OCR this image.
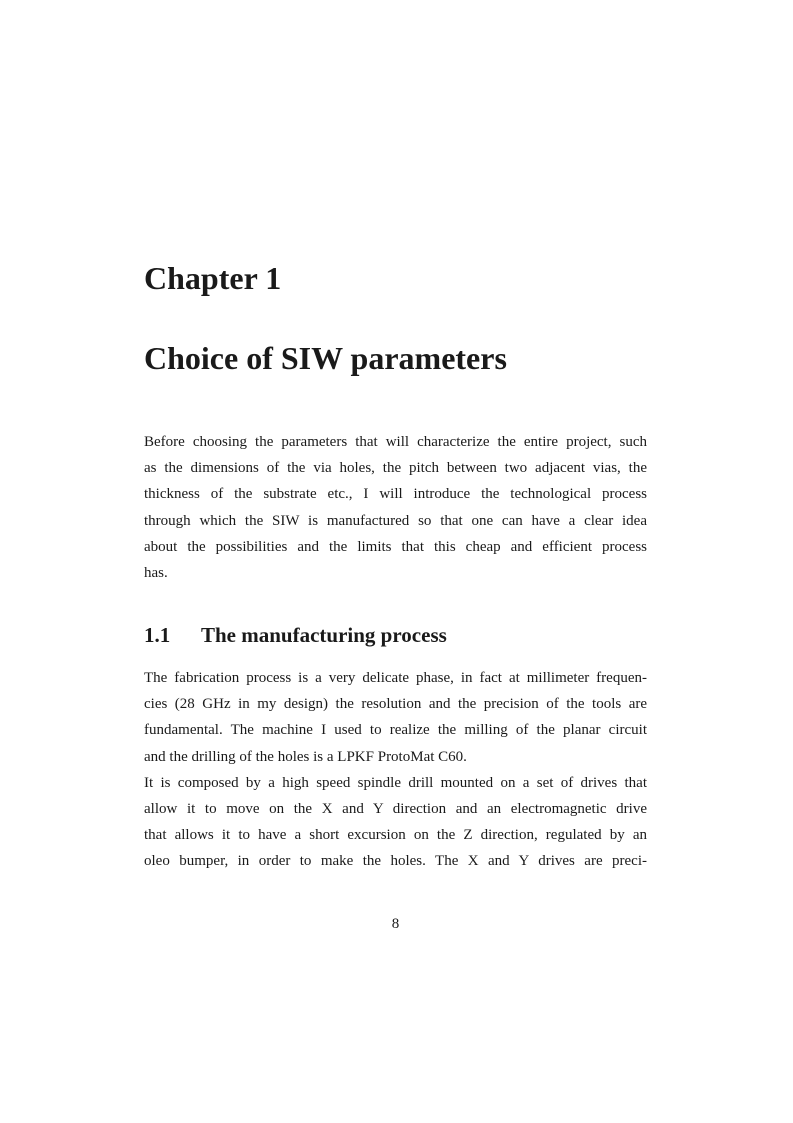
Chapter 1
Choice of SIW parameters
Before choosing the parameters that will characterize the entire project, such
as the dimensions of the via holes, the pitch between two adjacent vias, the
thickness of the substrate etc., I will introduce the technological process
through which the SIW is manufactured so that one can have a clear idea
about the possibilities and the limits that this cheap and efficient process
has.
1.1 The manufacturing process
The fabrication process is a very delicate phase, in fact at millimeter frequen-
cies (28 GHz in my design) the resolution and the precision of the tools are
fundamental. The machine I used to realize the milling of the planar circuit
and the drilling of the holes is a LPKF ProtoMat C60.
It is composed by a high speed spindle drill mounted on a set of drives that
allow it to move on the X and Y direction and an electromagnetic drive
that allows it to have a short excursion on the Z direction, regulated by an
oleo bumper, in order to make the holes. The X and Y drives are preci-

8
